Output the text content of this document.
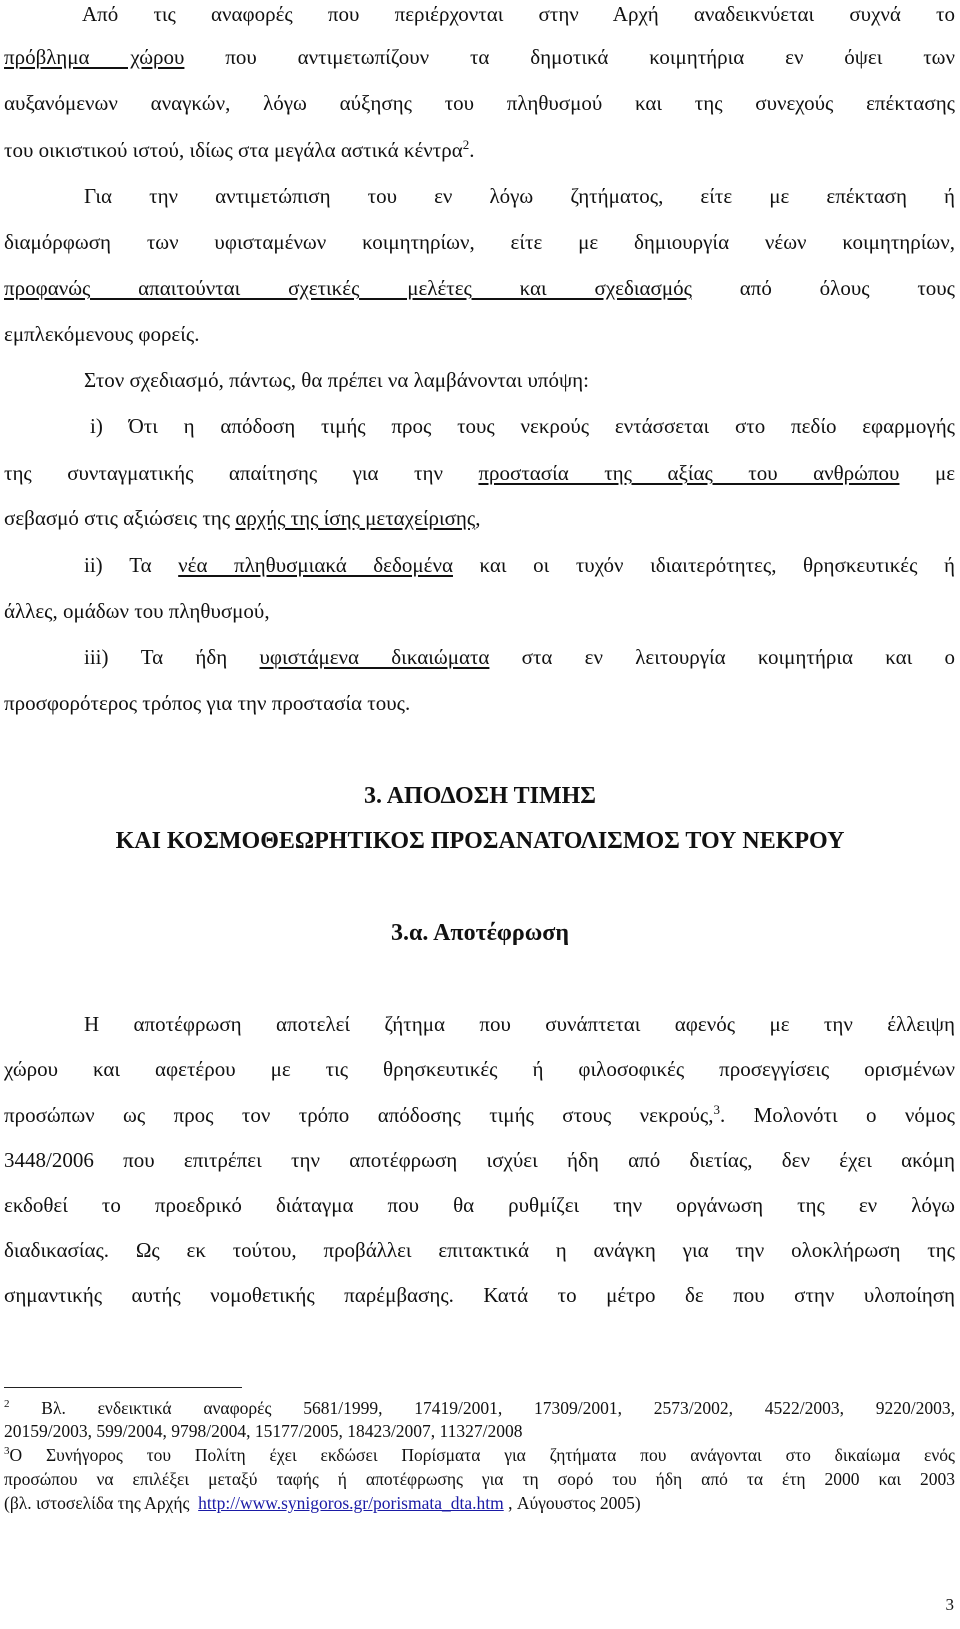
Από τις αναφορές που περιέρχονται στην Αρχή αναδεικνύεται συχνά το
πρόβλημα χώρου που αντιμετωπίζουν τα δημοτικά κοιμητήρια εν όψει των
αυξανόμενων αναγκών, λόγω αύξησης του πληθυσμού και της συνεχούς επέκτασης
του οικιστικού ιστού, ιδίως στα μεγάλα αστικά κέντρα$^2$.
Για την αντιμετώπιση του εν λόγω ζητήματος, είτε με επέκταση ή
διαμόρφωση των υφισταμένων κοιμητηρίων, είτε με δημιουργία νέων κοιμητηρίων,
προφανώς απαιτούνται σχετικές μελέτες και σχεδιασμός από όλους τους
εμπλεκόμενους φορείς.
Στον σχεδιασμό, πάντως, θα πρέπει να λαμβάνονται υπόψη:
i) Ότι η απόδοση τιμής προς τους νεκρούς εντάσσεται στο πεδίο εφαρμογής
της συνταγματικής απαίτησης για την προστασία της αξίας του ανθρώπου με
σεβασμό στις αξιώσεις της αρχής της ίσης μεταχείρισης,
ii) Τα νέα πληθυσμιακά δεδομένα και οι τυχόν ιδιαιτερότητες, θρησκευτικές ή
άλλες, ομάδων του πληθυσμού,
iii) Τα ήδη υφιστάμενα δικαιώματα στα εν λειτουργία κοιμητήρια και ο
προσφορότερος τρόπος για την προστασία τους.
3. ΑΠΟΔΟΣΗ ΤΙΜΗΣ
ΚΑΙ ΚΟΣΜΟΘΕΩΡΗΤΙΚΟΣ ΠΡΟΣΑΝΑΤΟΛΙΣΜΟΣ ΤΟΥ ΝΕΚΡΟΥ
3.α. Αποτέφρωση
Η αποτέφρωση αποτελεί ζήτημα που συνάπτεται αφενός με την έλλειψη
χώρου και αφετέρου με τις θρησκευτικές ή φιλοσοφικές προσεγγίσεις ορισμένων
προσώπων ως προς τον τρόπο απόδοσης τιμής στους νεκρούς,$^3$. Μολονότι ο νόμος
3448/2006 που επιτρέπει την αποτέφρωση ισχύει ήδη από διετίας, δεν έχει ακόμη
εκδοθεί το προεδρικό διάταγμα που θα ρυθμίζει την οργάνωση της εν λόγω
διαδικασίας. Ως εκ τούτου, προβάλλει επιτακτικά η ανάγκη για την ολοκλήρωση της
σημαντικής αυτής νομοθετικής παρέμβασης. Κατά το μέτρο δε που στην υλοποίηση
$^2$ Βλ. ενδεικτικά αναφορές 5681/1999, 17419/2001, 17309/2001, 2573/2002, 4522/2003, 9220/2003,
20159/2003, 599/2004, 9798/2004, 15177/2005, 18423/2007, 11327/2008
$^3$Ο Συνήγορος του Πολίτη έχει εκδώσει Πορίσματα για ζητήματα που ανάγονται στο δικαίωμα ενός
προσώπου να επιλέξει μεταξύ ταφής ή αποτέφρωσης για τη σορό του ήδη από τα έτη 2000 και 2003
(βλ. ιστοσελίδα της Αρχής http://www.synigoros.gr/porismata_dta.htm , Αύγουστος 2005)
3
